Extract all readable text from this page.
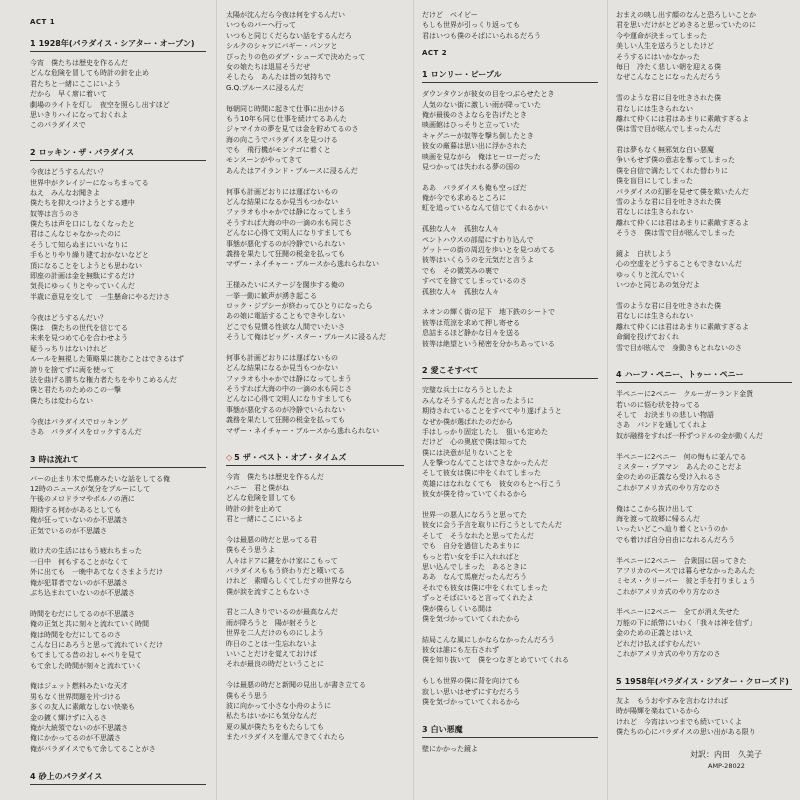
ACT 1
1 1928年(パラダイス・シアター・オープン)
今宵　僕たちは歴史を作るんだ
どんな危険を冒しても時計の針を止め
君たちと一緒にここにいよう
だから　早く席に着いて
劇場のライトを灯し　夜空を照らし出すほど
思いきりハイになっておくれよ
このパラダイスで
2 ロッキン・ザ・パラダイス
今夜はどうするんだい？
世界中がクレイジーになっちまってる
ねえ　みんなお聞きよ
僕たちを抑えつけようとする連中
奴等は言うのさ
僕たちは声を口にしなくなったと
君はこんなじゃなかったのに
そうして知らぬまにいいなりに
手もとりやり繰り建ておかないなどと
頂になることをしようとも思わない
即座の計画は金を無駄にするだけ
気長にゆっくりとやっていくんだ
半歳に意見を交して　一生懸命にやるだけさ
今夜はどうするんだい？
僕は　僕たちの世代を信じてる
未来を見つめて心を合わせよう
疑うっちりはないけれど
ルールを無視した策略果に挑むことはできるはず
誇りを捨てずに両を使って
法を曲げる勝ちな権力者たちをやりこめるんだ
僕と君たちのためのこの一撃
僕たちは変わらない
今夜はパラダイスでロッキング
さあ　パラダイスをロックするんだ
3 時は流れて
バーの止まり木で馬鹿みたいな話をしてる俺
12時のニュースが気分をブルーにして
午後のメロドラマやポルノの酒に
期待する何かがあるとしても
俺が狂っていないのか不思議さ
正気でいるのが不思議さ
敗け犬の生活にはもう疲れちまった
一日中　何もすることがなくて
外に出ても　一晩中あてなくさまようだけ
俺が犯罪者でないのが不思議さ
ぶち込まれていないのが不思議さ
時間をむだにしてるのが不思議さ
俺の正気と共に刻々と流れていく時間
俺は時間をむだにしてるのさ
こんな日にあろうと思って流れていくだけ
もてましてる昔のおしゃべりを見て
もて余した時間が刻々と流れていく
俺はジェット燃料みたいな天才
男もなく世界問題を片づける
多くの友人に素敵なしない快楽も
金の鍍く輝けずに入るさ
俺が大統領でないのが不思議さ
俺にかかってるのが不思議さ
俺がパラダイスでもて余してることがさ
4 砂上のパラダイス
太陽が沈んだら今夜は何をするんだい
いつものバーへ行って
いつもと同じくだらない話をするんだろ
シルクのシャツにバギー・パンツと
ぴったりの色のダブ・シューズで決めたって
女の娘たちは退屈そうだぜ
そしたら　あんたは皆の気持ちで
G.Q.ブルースに浸るんだ
毎朝同じ時間に起きて仕事に出かける
もう10年も同じ仕事を続けてるあんた
ジャマイカの夢を見ては金を貯めてるのさ
海の向こうでパラダイスを見つける
でも　飛行機がモンテゴに着くと
モンスーンがやってきて
あんたはアイランド・ブルースに浸るんだ
何事も計画どおりには運ばないもの
どんな結果になるか見当もつかない
ファラオも小ゃかでは静になってしまう
そうすれば大海の中の一滴の水も同じさ
どんなに心得て文明人になりすましても
事態が悪化するのが冷静でいられない
義務を果たして狂闘の税金を払っても
マザー・ネイチャー・ブルースから逃れられない
王様みたいにステージを闊歩する俺の
一挙一動に歓声が湧き起こる
ロック・ジプシーが終わってひとりになったら
あの娘に電話することもできやしない
どこでも見慣る性欲な人間でいたいさ
そうして俺はビッグ・スター・ブルースに浸るんだ
何事も計画どおりには運ばないもの
どんな結果になるか見当もつかない
ファラオも小ゃかでは静になってしまう
そうすれば大海の中の一滴の水も同じさ
どんなに心得て文明人になりすましても
事態が悪化するのが冷静でいられない
義務を果たして狂闘の税金を払っても
マザー・ネイチャー・ブルースから逃れられない
◇ 5 ザ・ベスト・オブ・タイムズ
今宵　僕たちは歴史を作るんだ
ハニー　君と僕がね
どんな危険を冒しても
時計の針を止めて
君と一緒にここにいるよ
今は最悪の時だと思ってる君
僕もそう思うよ
人々はドアに鍵をかけ家にこもって
パラダイスももう終わりだと嘆いてる
けれど　素晴らしくてしだすの世界なら
僕が涙を流すこともないさ
君と二人きりでいるのが最高なんだ
雨が降ろうと　陽が射そうと
世界を二人だけのものにしよう
昨日のことは一生忘れないよ
いいことだけを覚えておけば
それが最良の時だということに
今は最悪の時だと新聞の見出しが書き立てる
僕もそう思う
波に向かって小さな小舟のように
私たちはいかにも気分なんだ
夏の風が僕たちをもたらしても
またパラダイスを運んできてくれたら
だけど　ベイビー
もしも世界が引っくり返っても
君はいつも僕のそばにいられるだろう
ACT 2
1 ロンリー・ピープル
ダウンタウンが彼女の目をつぶらせたとき
人気のない街に激しい雨が降っていた
俺が最後のさよならを告げたとき
映画館はひっそりと立っていた
キャグニーが奴等を撃ち倒したとき
彼女の厳暮は思い出に浮かされた
映画を見ながら　俺はヒーローだった
見つかっては失われる夢の国の
ああ　パラダイスも俺も空っぽだ
俺が今でも求めるところに
虹を追っているなんて信じてくれるかい
孤独な人々　孤独な人々
ペントハウスの部屋にすわり込んで
ゲットーの街の周辺を歩いとを見つめてる
彼等はいくらうのを元気だと言うよ
でも　その微笑みの裏で
すべてを捨ててしまっているのさ
孤独な人々　孤独な人々
ネオンの輝く街の足下　地下鉄のシートで
彼等は荒涼を求めて押し寄せる
息詰まるほど静かな日々を送る
彼等は絶望という秘密を分かちあっている
2 愛こそすべて
完璧な兵士になろうとしたよ
みんなそうするんだと言ったように
期待されていることをすべてやり遂げようと
なぜか僕が選ばれたのだから
手はしっかり固定したし　狙いも定めた
だけど　心の奥底で僕は知ってた
僕には決意が足りないことを
人を撃つなんてことはできなかったんだ
そして彼女は僕に中をくれてしまった
英雄にはなれなくても　彼女のもとへ行こう
彼女が僕を待っていてくれるから
世界一の悪人になろうと思ってた
彼女に会う予言を取りに行こうとしてたんだ
そして　そうなれたと思ってたんだ
でも　自分を過信したあまりに
もっと若い女を手に入れればと
思い込んでしまった　あるときに
ああ　なんて馬鹿だったんだろう
それでも彼女は僕に中をくれてしまった
ずっとそばにいると言ってくれたよ
僕が僕らしくいる間は
僕を気づかっていてくれたから
結局こんな風にしかならなかったんだろう
彼女は誰にも左右されず
僕を知り抜いて　僕をつなぎとめていてくれる
もしも世界の僕に背を向けても
寂しい思いはせずにすむだろう
僕を気づかっていてくれるから
3 白い悪魔
壁にかかった鏡よ
おまえの映し出す顔のなんと恐ろしいことか
君を思いだけがとどめきると思っていたのに
今や運命が決まってしまった
美しい人生を送ろうとしたけど
そうするにはいかなかった
毎日　冷たく悲しい朝を迎える僕
なぜこんなことになったんだろう
雪のような君に目を吐きされた僕
君なしには生きられない
離れて仲くには君はあまりに素敵すぎるよ
僕は雪で目が眩んでしまったんだ
君は夢もなく無邪気な白い悪魔
争いもせず僕の意志を奪ってしまった
僕を自信で満たしてくれた替わりに
僕を盲目にしてしまった
パラダイスの幻影を見せて僕を欺いたんだ
雪のような君に目を吐きされた僕
君なしには生きられない
離れて仲くには君はあまりに素敵すぎるよ
そうさ　僕は雪で目が眩んでしまった
鏡よ　白状しよう
心の空虚をどうすることもできないんだ
ゆっくりと沈んでいく
いつかと同じあの気分だよ
雪のような君に目を吐きされた僕
君なしには生きられない
離れて仲くには君はあまりに素敵すぎるよ
命綱を投げておくれ
雪で目が眩んで　身動きもとれないのさ
4 ハーフ・ペニー、トゥー・ペニー
半ペニーに2ペニー　クルーガーランド金貨
若いのに悩む状を持ってる
そして　お決まりの悲しい物語
さあ　パンドを通してくれよ
奴が融務をすれば一杯ずつドルの金が動くんだ
半ペニーに2ペニー　何の悔もに並んでる
ミスター・プアマン　あんたのことだよ
金のための正義なら受け入れるさ
これがアメリカ式のやり方なのさ
俺はここから抜け出して
海を渡って故郷に帰るんだ
いったいどこへ辿り着くというのか
でも着けば自分自由になれるんだろう
半ペニーに2ペニー　合衆国に居ってきた
アフリカのペースでは暮らせなかったあんた
ミセス・クリーパー　彼と手を打りましょう
これがアメリカ式のやり方なのさ
半ペニーに2ペニー　全てが消え失せた
万能の下に紙幣にいわく「我々は神を信ず」
金のための正義とはいえ
どれだけ払えばすむんだい
これがアメリカ式のやり方なのさ
5 1958年(パラダイス・シアター・クローズド)
友よ　もうおやすみを言わなければ
時が陽輝を楽ねているから
けれど　今宵はいつまでも続いていくよ
僕たちの心にパラダイスの思い出がある限り
対訳：内田　久美子
AMP-28022
